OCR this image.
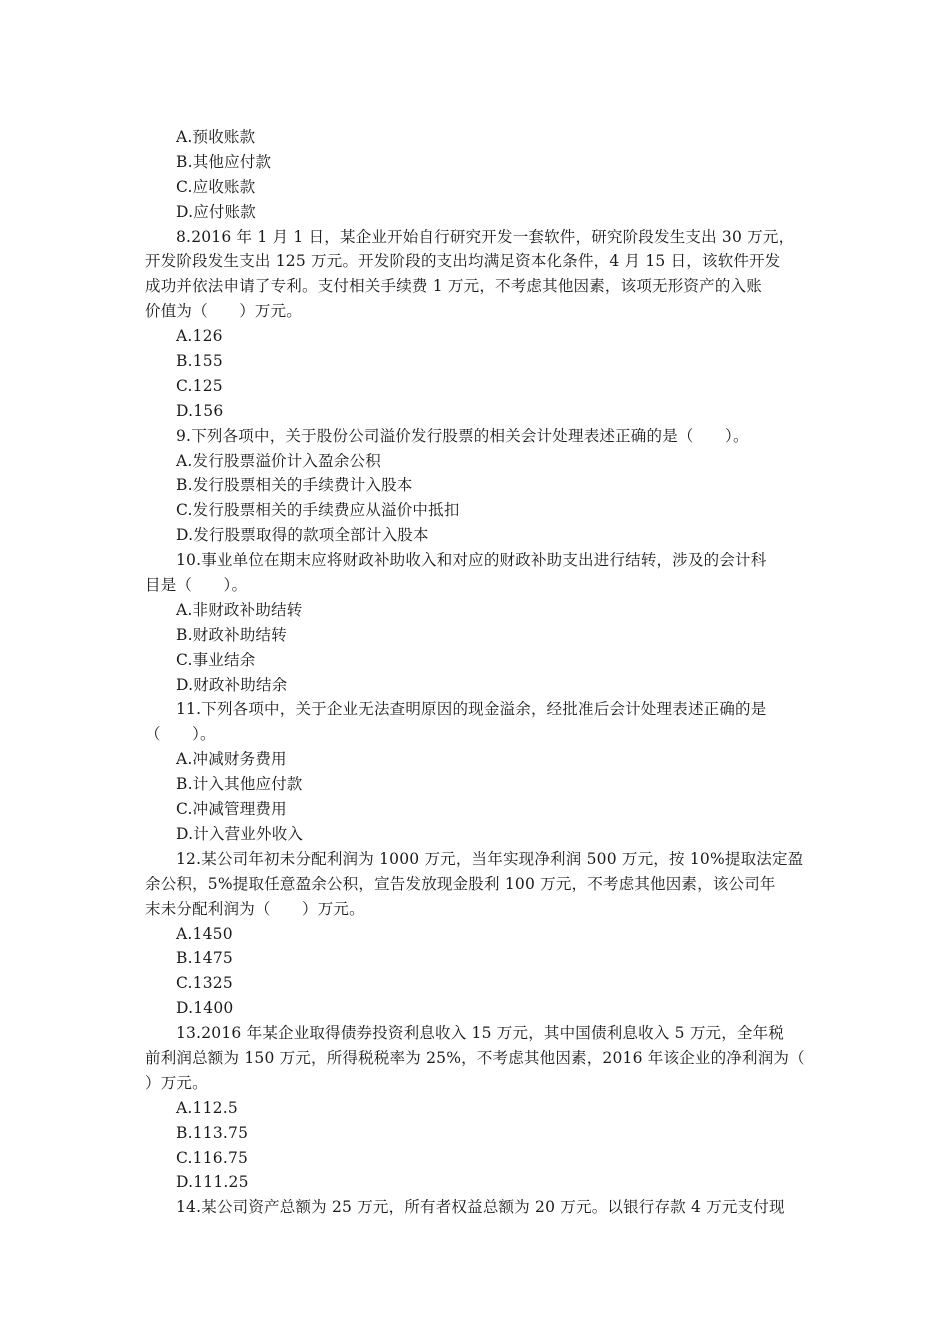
A.预收账款
B.其他应付款
C.应收账款
D.应付账款
8.2016 年 1 月 1 日，某企业开始自行研究开发一套软件，研究阶段发生支出 30 万元，
开发阶段发生支出 125 万元。开发阶段的支出均满足资本化条件，4 月 15 日，该软件开发
成功并依法申请了专利。支付相关手续费 1 万元，不考虑其他因素，该项无形资产的入账
价值为（　　）万元。
A.126
B.155
C.125
D.156
9.下列各项中，关于股份公司溢价发行股票的相关会计处理表述正确的是（　　）。
A.发行股票溢价计入盈余公积
B.发行股票相关的手续费计入股本
C.发行股票相关的手续费应从溢价中抵扣
D.发行股票取得的款项全部计入股本
10.事业单位在期末应将财政补助收入和对应的财政补助支出进行结转，涉及的会计科
目是（　　）。
A.非财政补助结转
B.财政补助结转
C.事业结余
D.财政补助结余
11.下列各项中，关于企业无法查明原因的现金溢余，经批准后会计处理表述正确的是
（　　）。
A.冲减财务费用
B.计入其他应付款
C.冲减管理费用
D.计入营业外收入
12.某公司年初未分配利润为 1000 万元，当年实现净利润 500 万元，按 10%提取法定盈
余公积，5%提取任意盈余公积，宣告发放现金股利 100 万元，不考虑其他因素，该公司年
末未分配利润为（　　）万元。
A.1450
B.1475
C.1325
D.1400
13.2016 年某企业取得债券投资利息收入 15 万元，其中国债利息收入 5 万元，全年税
前利润总额为 150 万元，所得税税率为 25%，不考虑其他因素，2016 年该企业的净利润为（
）万元。
A.112.5
B.113.75
C.116.75
D.111.25
14.某公司资产总额为 25 万元，所有者权益总额为 20 万元。以银行存款 4 万元支付现
